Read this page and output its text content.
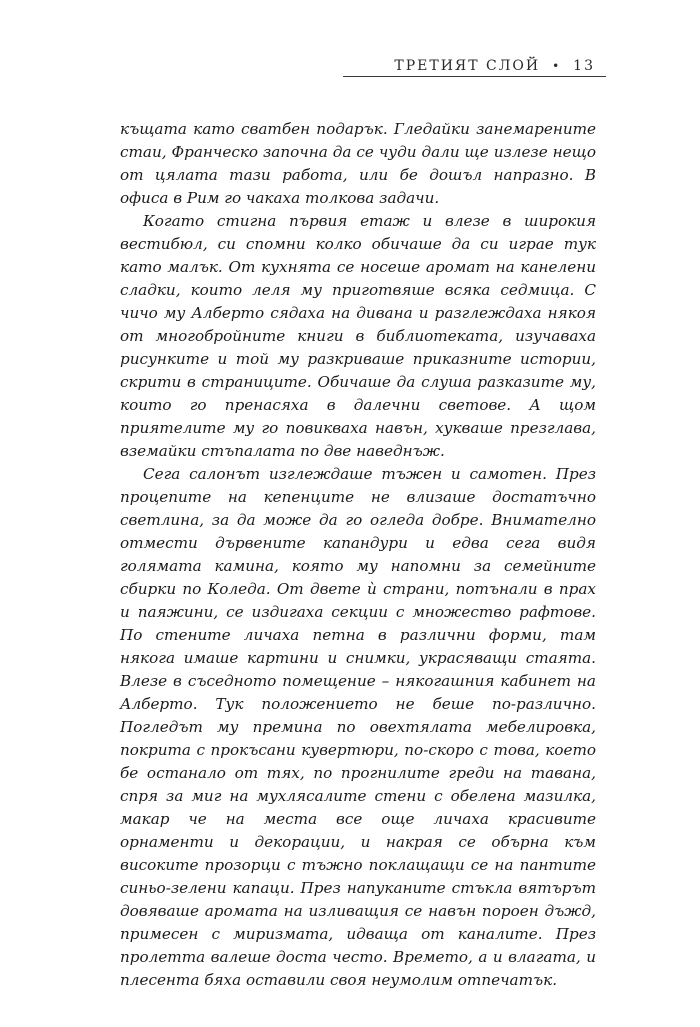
ТРЕТИЯТ СЛОЙ • 13

къщата като сватбен подарък. Гледайки занемарените стаи, Франческо започна да се чуди дали ще излезе нещо от цялата тази работа, или бе дошъл напразно. В офиса в Рим го чакаха толкова задачи.

Когато стигна първия етаж и влезе в широкия вестибюл, си спомни колко обичаше да си играе тук като малък. От кухнята се носеше аромат на канелени сладки, които леля му приготвяше всяка седмица. С чичо му Алберто сядаха на дивана и разглеждаха някоя от многобройните книги в библиотеката, изучаваха рисунките и той му разкриваше приказните истории, скрити в страниците. Обичаше да слуша разказите му, които го пренасяха в далечни светове. А щом приятелите му го повикваха навън, хукваше презглава, вземайки стъпалата по две наведнъж.

Сега салонът изглеждаше тъжен и самотен. През процепите на кепенците не влизаше достатъчно светлина, за да може да го огледа добре. Внимателно отмести дървените капандури и едва сега видя голямата камина, която му напомни за семейните сбирки по Коледа. От двете ѝ страни, потънали в прах и паяжини, се издигаха секции с множество рафтове. По стените личаха петна в различни форми, там някога имаше картини и снимки, украсяващи стаята. Влезе в съседното помещение – някогашния кабинет на Алберто. Тук положението не беше по-различно. Погледът му премина по овехтялата мебелировка, покрита с прокъсани кувертюри, по-скоро с това, което бе останало от тях, по прогнилите греди на тавана, спря за миг на мухлясалите стени с обелена мазилка, макар че на места все още личаха красивите орнаменти и декорации, и накрая се обърна към високите прозорци с тъжно поклащащи се на пантите синьо-зелени капаци. През напуканите стъкла вятърът довяваше аромата на изливащия се навън пороен дъжд, примесен с миризмата, идваща от каналите. През пролетта валеше доста често. Времето, а и влагата, и плесента бяха оставили своя неумолим отпечатък.
